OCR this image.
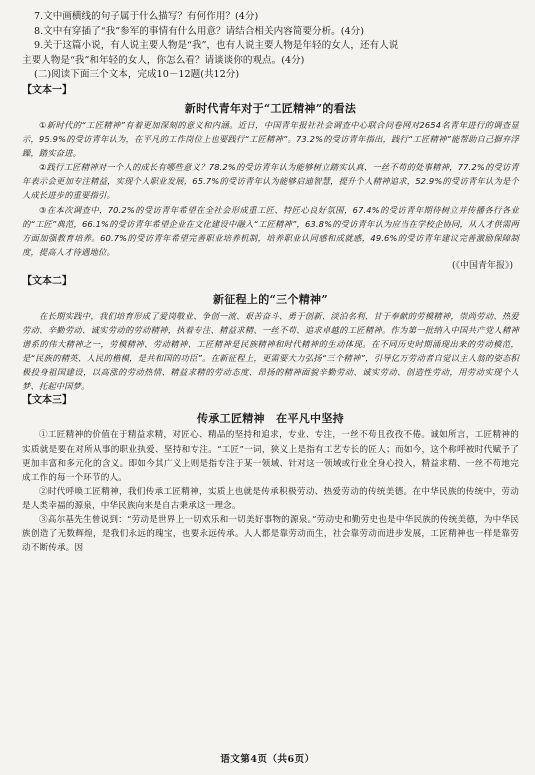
7.文中画横线的句子属于什么描写？有何作用？(4分)
8.文中有穿插了“我”参军的事情有什么用意？请结合相关内容简要分析。(4分)
9.关于这篇小说，有人说主要人物是“我”，也有人说主要人物是年轻的女人，还有人说
主要人物是“我”和年轻的女人，你怎么看？请谈谈你的观点。(4分)
(二)阅读下面三个文本，完成10－12题(共12分)
【文本一】
新时代青年对于“工匠精神”的看法

①新时代的“工匠精神”有着更加深刻的意义和内涵。近日，中国青年报社社会调查中心联合问卷网对2654名青年进行的调查显示，95.9%的受访青年认为，在平凡的工作岗位上也要践行“工匠精神”。73.2%的受访青年指出，践行“工匠精神”能帮助自己摒弃浮躁，踏实奋进。

②践行工匠精神对一个人的成长有哪些意义？78.2%的受访青年认为能够树立踏实认真、一丝不苟的处事精神，77.2%的受访青年表示会更加专注精益，实现个人职业发展，65.7%的受访青年认为能够启迪智慧，提升个人精神追求，52.9%的受访青年认为是个人成长进步的重要指引。

③在本次调查中，70.2%的受访青年希望在全社会形成重工匠、特匠心良好氛围，67.4%的受访青年期待树立并传播各行各业的“工匠”典范，66.1%的受访青年希望企业在文化建设中融入“工匠精神”，63.8%的受访青年认为应当在学校企协同，从人才供需两方面加强教育培养。60.7%的受访青年希望完善职业培养机制，培养职业认同感和成就感，49.6%的受访青年建议完善激励保障制度，提高人才待遇地位。

(《中国青年报》)
【文本二】
新征程上的“三个精神”

在长期实践中，我们培育形成了爱岗敬业、争创一流、艰苦奋斗、勇于创新、淡泊名利、甘于奉献的劳模精神，崇尚劳动、热爱劳动、辛勤劳动、诚实劳动的劳动精神，执着专注、精益求精、一丝不苟、追求卓越的工匠精神。作为第一批纳入中国共产党人精神谱系的伟大精神之一，劳模精神、劳动精神、工匠精神是民族精神和时代精神的生动体现。在不同历史时期涌现出来的劳动模范，是“民族的精英、人民的楷模，是共和国的功臣”。在新征程上，更需要大力弘扬“三个精神”，引导亿万劳动者自觉以主人翁的姿态积极投身祖国建设，以高涨的劳动热情、精益求精的劳动态度、昂扬的精神面貌辛勤劳动、诚实劳动、创造性劳动，用劳动实现个人梦、托起中国梦。

【文本三】
传承工匠精神　在平凡中坚持

①工匠精神的价值在于精益求精，对匠心、精品的坚持和追求，专业、专注，一丝不苟且孜孜不倦。诚如所言，工匠精神的实质就是要在对所从事的职业执爱、坚持和专注。“工匠”一词，狭义上是指有工艺专长的匠人；而如今，这个称呼被时代赋予了更加丰富和多元化的含义。即如今其广义上则是指专注于某一领域、针对这一领域或行业全身心投入，精益求精、一丝不苟地完成工作的每一个环节的人。

②时代呼唤工匠精神，我们传承工匠精神，实质上也就是传承积极劳动、热爱劳动的传统美德。在中华民族的传统中，劳动是人类幸福的源泉，中华民族向来是自古秉承这一理念。

③高尔基先生曾说到：“劳动是世界上一切欢乐和一切美好事物的源泉。”劳动史和勤劳史也是中华民族的传统美德，为中华民族创造了无数辉煌，是我们永远的瑰宝，也要永远传承。人人都是靠劳动而生，社会靠劳动而进步发展，工匠精神也一样是靠劳动不断传承。因

语文第4页（共6页）
